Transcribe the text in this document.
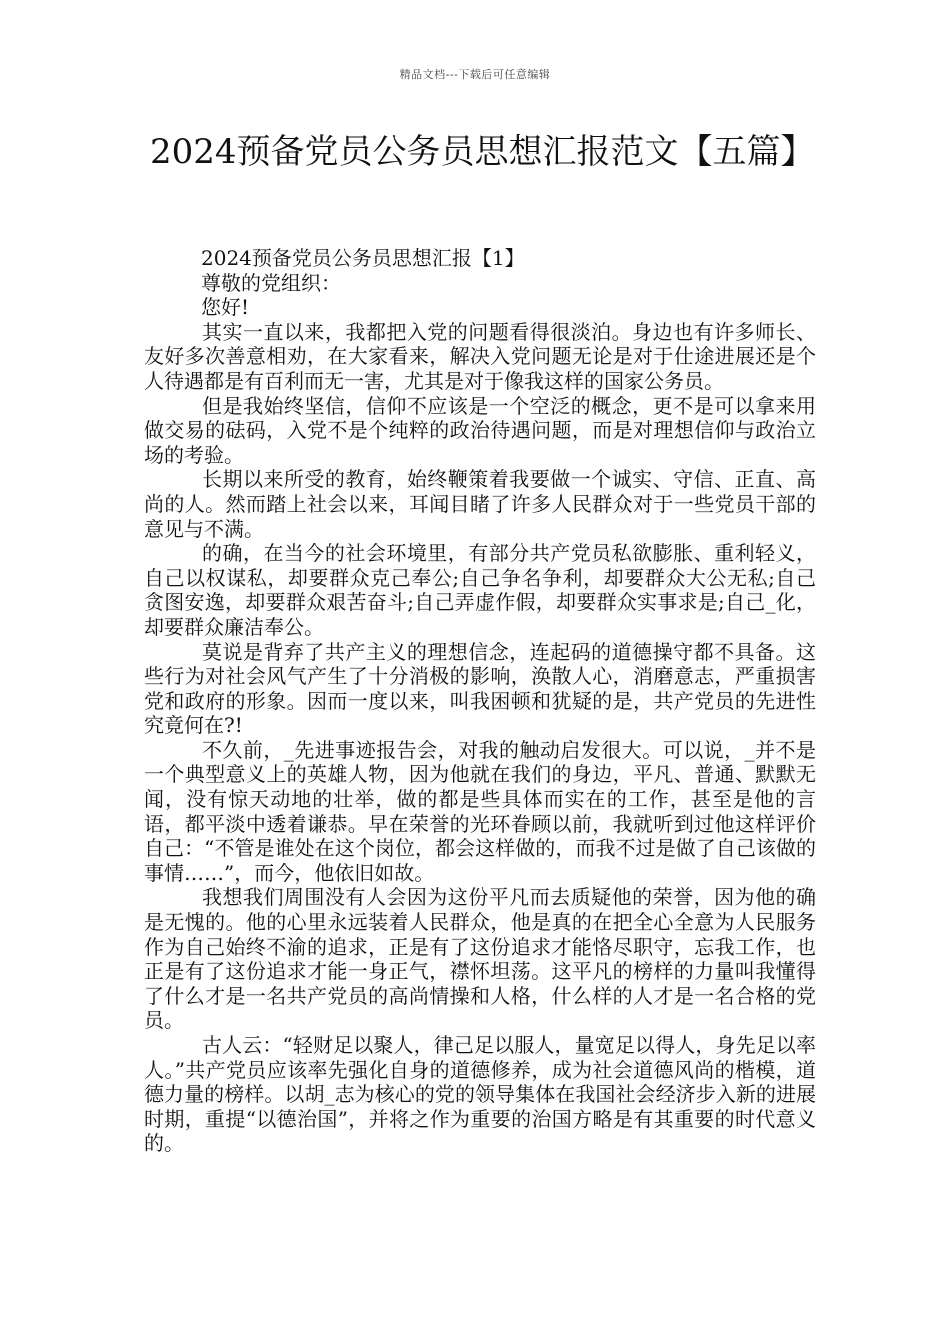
精品文档---下载后可任意编辑
2024预备党员公务员思想汇报范文【五篇】

2024预备党员公务员思想汇报【1】

尊敬的党组织：

您好!

其实一直以来，我都把入党的问题看得很淡泊。身边也有许多师长、友好多次善意相劝，在大家看来，解决入党问题无论是对于仕途进展还是个人待遇都是有百利而无一害，尤其是对于像我这样的国家公务员。

但是我始终坚信，信仰不应该是一个空泛的概念，更不是可以拿来用做交易的砝码，入党不是个纯粹的政治待遇问题，而是对理想信仰与政治立场的考验。

长期以来所受的教育，始终鞭策着我要做一个诚实、守信、正直、高尚的人。然而踏上社会以来，耳闻目睹了许多人民群众对于一些党员干部的意见与不满。

的确，在当今的社会环境里，有部分共产党员私欲膨胀、重利轻义，自己以权谋私，却要群众克己奉公;自己争名争利，却要群众大公无私;自己贪图安逸，却要群众艰苦奋斗;自己弄虚作假，却要群众实事求是;自己_化，却要群众廉洁奉公。

莫说是背弃了共产主义的理想信念，连起码的道德操守都不具备。这些行为对社会风气产生了十分消极的影响，涣散人心，消磨意志，严重损害党和政府的形象。因而一度以来，叫我困顿和犹疑的是，共产党员的先进性究竟何在?!

不久前，_先进事迹报告会，对我的触动启发很大。可以说，_并不是一个典型意义上的英雄人物，因为他就在我们的身边，平凡、普通、默默无闻，没有惊天动地的壮举，做的都是些具体而实在的工作，甚至是他的言语，都平淡中透着谦恭。早在荣誉的光环眷顾以前，我就听到过他这样评价自己：“不管是谁处在这个岗位，都会这样做的，而我不过是做了自己该做的事情……”，而今，他依旧如故。

我想我们周围没有人会因为这份平凡而去质疑他的荣誉，因为他的确是无愧的。他的心里永远装着人民群众，他是真的在把全心全意为人民服务作为自己始终不渝的追求，正是有了这份追求才能恪尽职守，忘我工作，也正是有了这份追求才能一身正气，襟怀坦荡。这平凡的榜样的力量叫我懂得了什么才是一名共产党员的高尚情操和人格，什么样的人才是一名合格的党员。

古人云：“轻财足以聚人，律己足以服人，量宽足以得人，身先足以率人。”共产党员应该率先强化自身的道德修养，成为社会道德风尚的楷模，道德力量的榜样。以胡_志为核心的党的领导集体在我国社会经济步入新的进展时期，重提“以德治国”，并将之作为重要的治国方略是有其重要的时代意义的。
